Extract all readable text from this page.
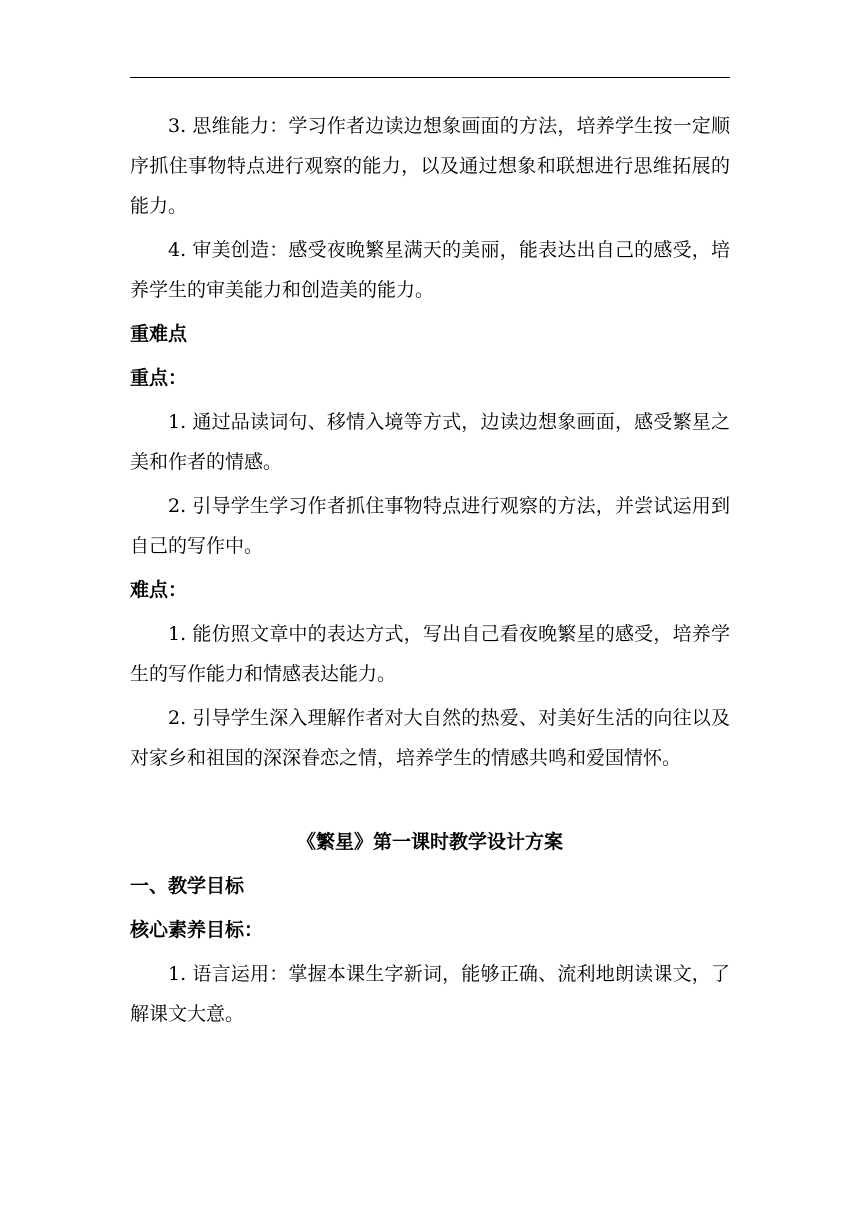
3. 思维能力：学习作者边读边想象画面的方法，培养学生按一定顺序抓住事物特点进行观察的能力，以及通过想象和联想进行思维拓展的能力。

4. 审美创造：感受夜晚繁星满天的美丽，能表达出自己的感受，培养学生的审美能力和创造美的能力。

重难点
重点：

1. 通过品读词句、移情入境等方式，边读边想象画面，感受繁星之美和作者的情感。

2. 引导学生学习作者抓住事物特点进行观察的方法，并尝试运用到自己的写作中。

难点：

1. 能仿照文章中的表达方式，写出自己看夜晚繁星的感受，培养学生的写作能力和情感表达能力。

2. 引导学生深入理解作者对大自然的热爱、对美好生活的向往以及对家乡和祖国的深深眷恋之情，培养学生的情感共鸣和爱国情怀。

《繁星》第一课时教学设计方案
一、教学目标
核心素养目标：

1. 语言运用：掌握本课生字新词，能够正确、流利地朗读课文，了解课文大意。
